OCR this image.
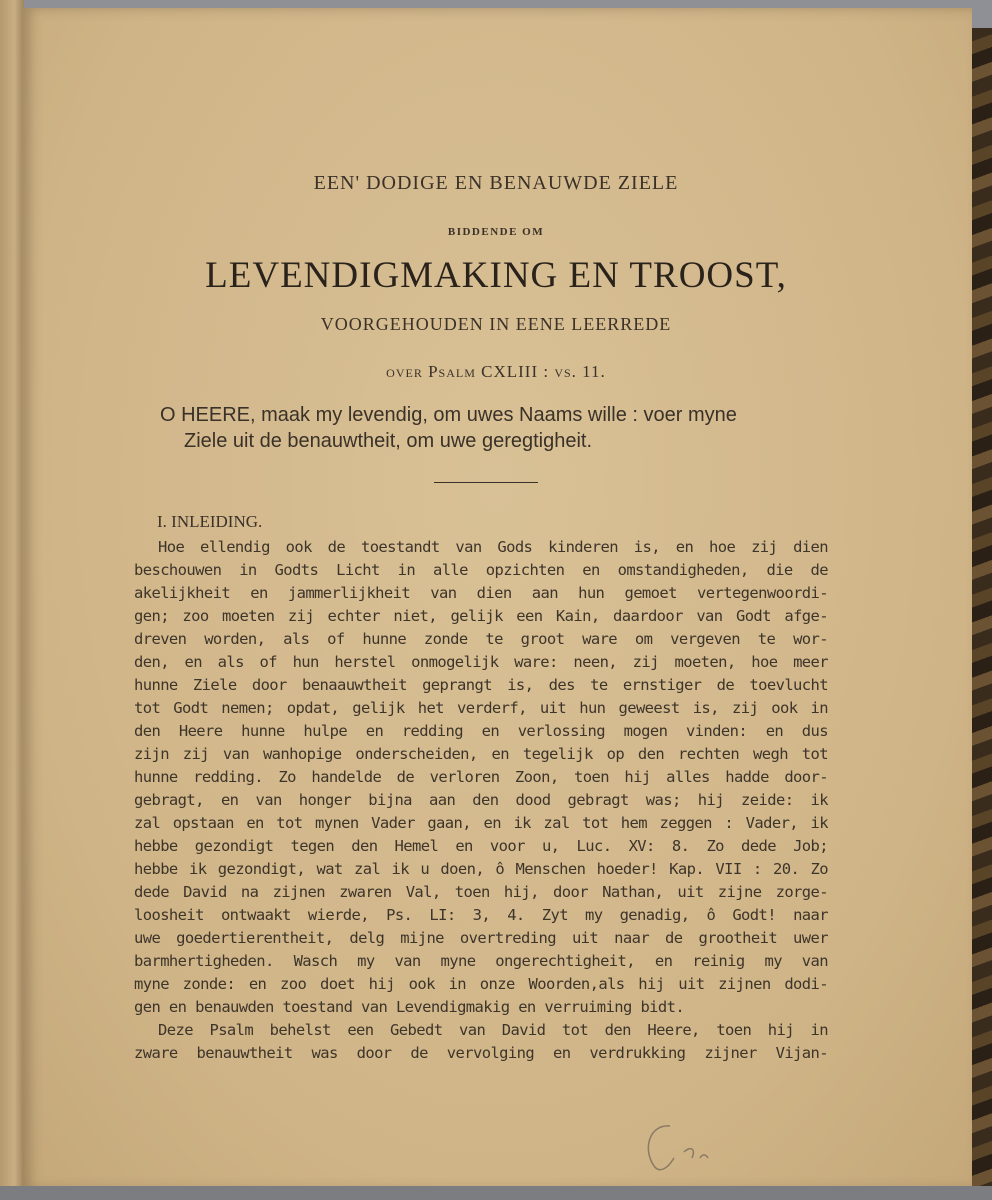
EEN' DODIGE EN BENAUWDE ZIELE
BIDDENDE OM
LEVENDIGMAKING EN TROOST,
VOORGEHOUDEN IN EENE LEERREDE
over Psalm CXLIII : vs. 11.
O HEERE, maak my levendig, om uwes Naams wille : voer myne
Ziele uit de benauwtheit, om uwe geregtigheit.
I. INLEIDING.
Hoe ellendig ook de toestandt van Gods kinderen is, en hoe zij dien
beschouwen in Godts Licht in alle opzichten en omstandigheden, die de
akelijkheit en jammerlijkheit van dien aan hun gemoet vertegenwoordi-
gen; zoo moeten zij echter niet, gelijk een Kain, daardoor van Godt afge-
dreven worden, als of hunne zonde te groot ware om vergeven te wor-
den, en als of hun herstel onmogelijk ware: neen, zij moeten, hoe meer
hunne Ziele door benaauwtheit geprangt is, des te ernstiger de toevlucht
tot Godt nemen; opdat, gelijk het verderf, uit hun geweest is, zij ook in
den Heere hunne hulpe en redding en verlossing mogen vinden: en dus
zijn zij van wanhopige onderscheiden, en tegelijk op den rechten wegh tot
hunne redding. Zo handelde de verloren Zoon, toen hij alles hadde door-
gebragt, en van honger bijna aan den dood gebragt was; hij zeide: ik
zal opstaan en tot mynen Vader gaan, en ik zal tot hem zeggen : Vader, ik
hebbe gezondigt tegen den Hemel en voor u, Luc. XV: 8. Zo dede Job;
hebbe ik gezondigt, wat zal ik u doen, ô Menschen hoeder! Kap. VII : 20. Zo
dede David na zijnen zwaren Val, toen hij, door Nathan, uit zijne zorge-
loosheit ontwaakt wierde, Ps. LI: 3, 4. Zyt my genadig, ô Godt! naar
uwe goedertierentheit, delg mijne overtreding uit naar de grootheit uwer
barmhertigheden. Wasch my van myne ongerechtigheit, en reinig my van
myne zonde: en zoo doet hij ook in onze Woorden,als hij uit zijnen dodi-
gen en benauwden toestand van Levendigmakig en verruiming bidt.
Deze Psalm behelst een Gebedt van David tot den Heere, toen hij in
zware benauwtheit was door de vervolging en verdrukking zijner Vijan-
